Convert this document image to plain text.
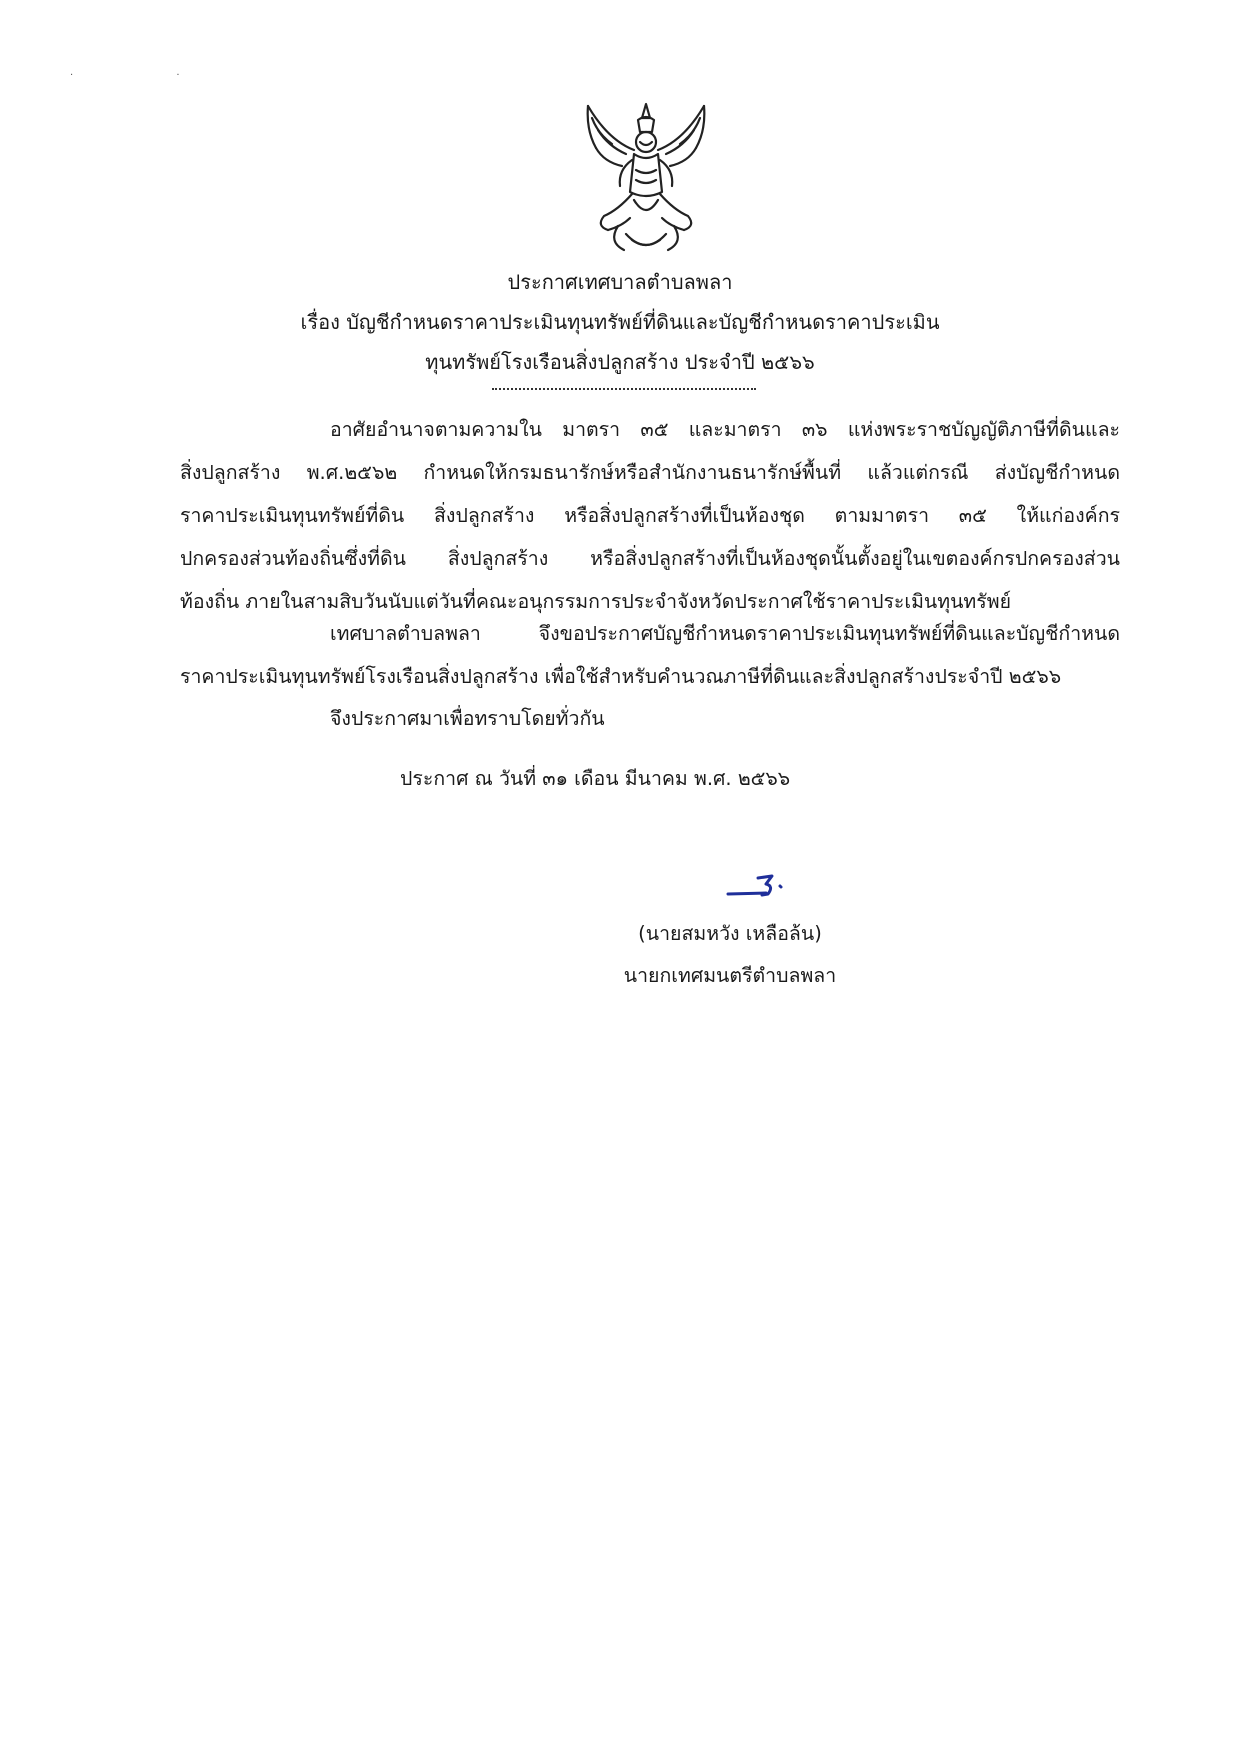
· ·
ประกาศเทศบาลตำบลพลา
เรื่อง บัญชีกำหนดราคาประเมินทุนทรัพย์ที่ดินและบัญชีกำหนดราคาประเมิน
ทุนทรัพย์โรงเรือนสิ่งปลูกสร้าง ประจำปี ๒๕๖๖
อาศัยอำนาจตามความใน มาตรา ๓๕ และมาตรา ๓๖ แห่งพระราชบัญญัติภาษีที่ดินและ
สิ่งปลูกสร้าง พ.ศ.๒๕๖๒ กำหนดให้กรมธนารักษ์หรือสำนักงานธนารักษ์พื้นที่ แล้วแต่กรณี ส่งบัญชีกำหนด
ราคาประเมินทุนทรัพย์ที่ดิน สิ่งปลูกสร้าง หรือสิ่งปลูกสร้างที่เป็นห้องชุด ตามมาตรา ๓๕ ให้แก่องค์กร
ปกครองส่วนท้องถิ่นซึ่งที่ดิน สิ่งปลูกสร้าง หรือสิ่งปลูกสร้างที่เป็นห้องชุดนั้นตั้งอยู่ในเขตองค์กรปกครองส่วน
ท้องถิ่น ภายในสามสิบวันนับแต่วันที่คณะอนุกรรมการประจำจังหวัดประกาศใช้ราคาประเมินทุนทรัพย์
เทศบาลตำบลพลา จึงขอประกาศบัญชีกำหนดราคาประเมินทุนทรัพย์ที่ดินและบัญชีกำหนด
ราคาประเมินทุนทรัพย์โรงเรือนสิ่งปลูกสร้าง เพื่อใช้สำหรับคำนวณภาษีที่ดินและสิ่งปลูกสร้างประจำปี ๒๕๖๖
จึงประกาศมาเพื่อทราบโดยทั่วกัน
ประกาศ ณ วันที่ ๓๑ เดือน มีนาคม พ.ศ. ๒๕๖๖
(นายสมหวัง เหลือล้น)
นายกเทศมนตรีตำบลพลา
